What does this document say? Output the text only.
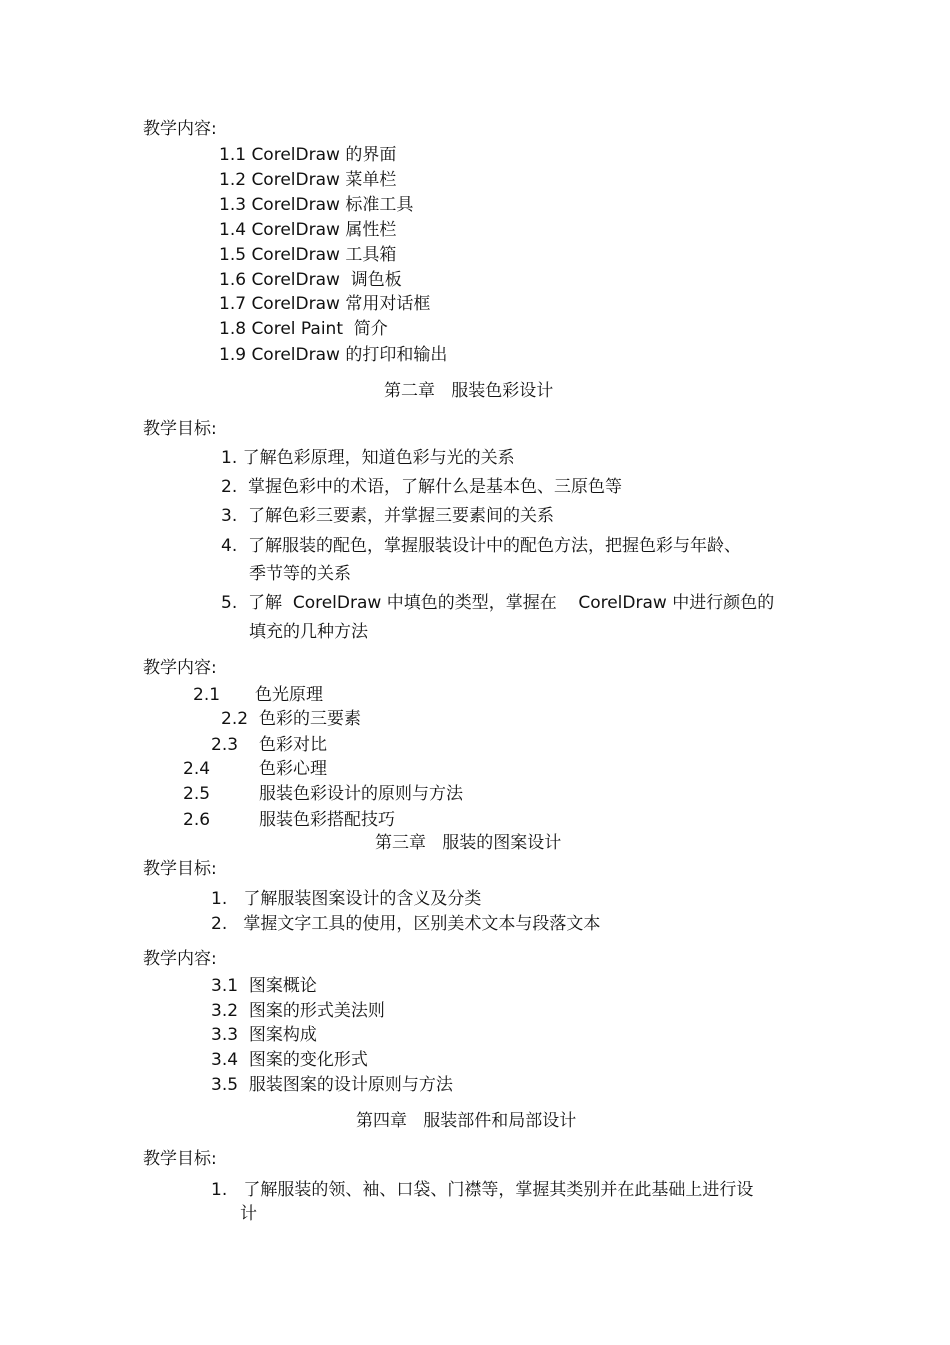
教学内容:
1.1 CorelDraw 的界面
1.2 CorelDraw 菜单栏
1.3 CorelDraw 标准工具
1.4 CorelDraw 属性栏
1.5 CorelDraw 工具箱
1.6 CorelDraw  调色板
1.7 CorelDraw 常用对话框
1.8 Corel Paint  简介
1.9 CorelDraw 的打印和输出
第二章   服装色彩设计
教学目标:
1. 了解色彩原理，知道色彩与光的关系
2.  掌握色彩中的术语，了解什么是基本色、三原色等
3.  了解色彩三要素，并掌握三要素间的关系
4.  了解服装的配色，掌握服装设计中的配色方法，把握色彩与年龄、
季节等的关系
5.  了解  CorelDraw 中填色的类型，掌握在    CorelDraw 中进行颜色的
填充的几种方法
教学内容:
2.1 色光原理
2.2 色彩的三要素
2.3 色彩对比
2.4	色彩心理
2.5	服装色彩设计的原则与方法
2.6	服装色彩搭配技巧
第三章   服装的图案设计
教学目标:
1.   了解服装图案设计的含义及分类
2.   掌握文字工具的使用，区别美术文本与段落文本
教学内容:
3.1  图案概论
3.2  图案的形式美法则
3.3  图案构成
3.4  图案的变化形式
3.5  服装图案的设计原则与方法
第四章   服装部件和局部设计
教学目标:
1.   了解服装的领、袖、口袋、门襟等，掌握其类别并在此基础上进行设
计
